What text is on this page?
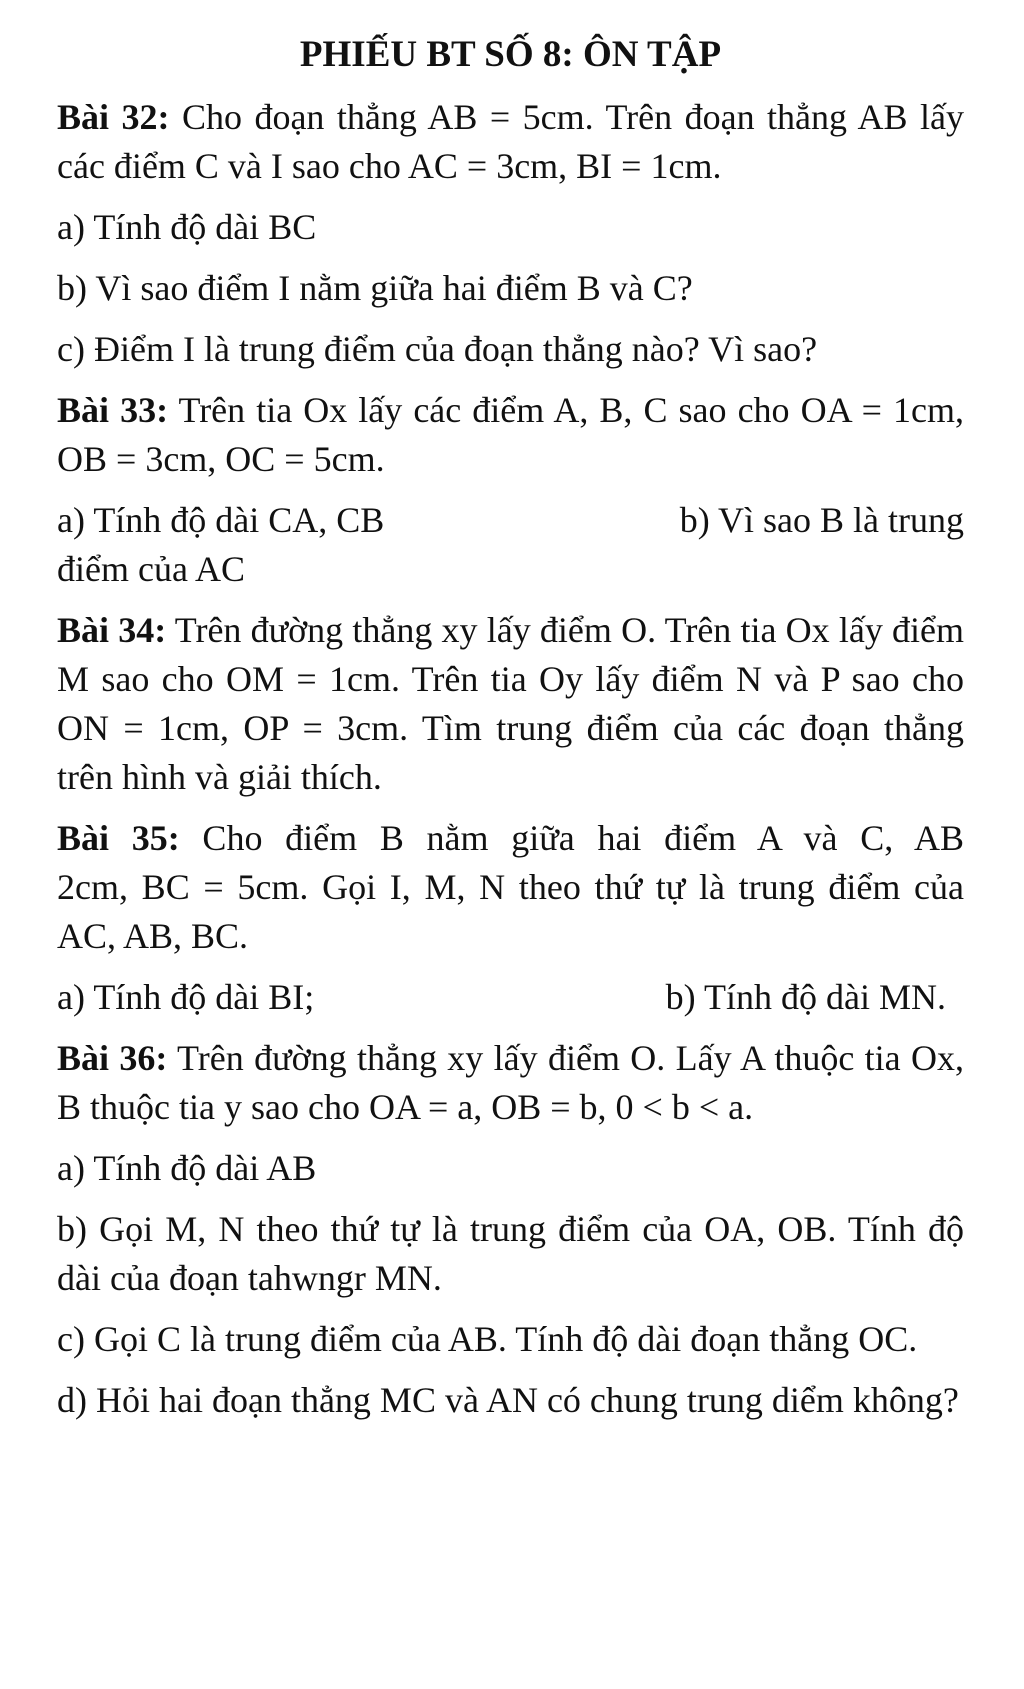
PHIẾU BT SỐ 8: ÔN TẬP
Bài 32: Cho đoạn thẳng AB = 5cm. Trên đoạn thẳng AB lấy các điểm C và I sao cho AC = 3cm, BI = 1cm.
a) Tính độ dài BC
b) Vì sao điểm I nằm giữa hai điểm B và C?
c) Điểm I là trung điểm của đoạn thẳng nào? Vì sao?
Bài 33: Trên tia Ox lấy các điểm A, B, C sao cho OA = 1cm, OB = 3cm, OC = 5cm.
a) Tính độ dài CA, CB	b) Vì sao B là trung
điểm của AC
Bài 34: Trên đường thẳng xy lấy điểm O. Trên tia Ox lấy điểm M sao cho OM = 1cm. Trên tia Oy lấy điểm N và P sao cho ON = 1cm, OP = 3cm. Tìm trung điểm của các đoạn thẳng trên hình và giải thích.
Bài 35: Cho điểm B nằm giữa hai điểm A và C, AB
2cm, BC = 5cm. Gọi I, M, N theo thứ tự là trung điểm của AC, AB, BC.
a) Tính độ dài BI;	b) Tính độ dài MN.
Bài 36: Trên đường thẳng xy lấy điểm O. Lấy A thuộc tia Ox, B thuộc tia y sao cho OA = a, OB = b, 0 < b < a.
a) Tính độ dài AB
b) Gọi M, N theo thứ tự là trung điểm của OA, OB. Tính độ dài của đoạn tahwngr MN.
c) Gọi C là trung điểm của AB. Tính độ dài đoạn thẳng OC.
d) Hỏi hai đoạn thẳng MC và AN có chung trung diểm không?
